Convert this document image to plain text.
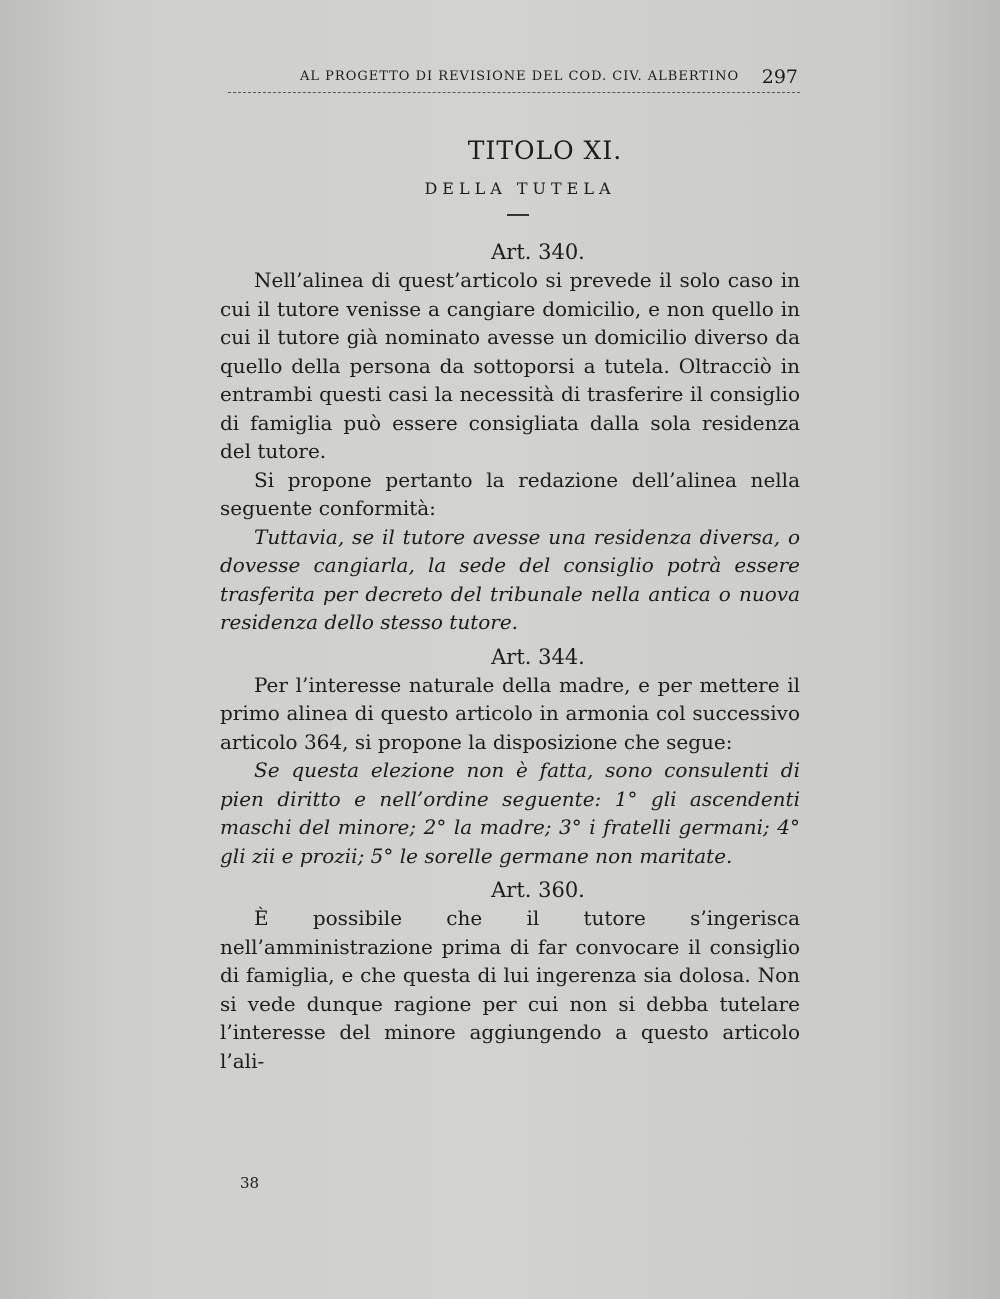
AL PROGETTO DI REVISIONE DEL COD. CIV. ALBERTINO 297
TITOLO XI.
DELLA TUTELA
Art. 340.

Nell’alinea di quest’articolo si prevede il solo caso in cui il tutore venisse a cangiare domicilio, e non quello in cui il tutore già nominato avesse un domicilio diverso da quello della persona da sottoporsi a tutela. Oltracciò in entrambi questi casi la necessità di trasferire il consiglio di famiglia può essere consigliata dalla sola residenza del tutore.

Si propone pertanto la redazione dell’alinea nella seguente conformità:

Tuttavia, se il tutore avesse una residenza diversa, o dovesse cangiarla, la sede del consiglio potrà essere trasferita per decreto del tribunale nella antica o nuova residenza dello stesso tutore.

Art. 344.

Per l’interesse naturale della madre, e per mettere il primo alinea di questo articolo in armonia col successivo articolo 364, si propone la disposizione che segue:

Se questa elezione non è fatta, sono consulenti di pien diritto e nell’ordine seguente: 1° gli ascendenti maschi del minore; 2° la madre; 3° i fratelli germani; 4° gli zii e prozii; 5° le sorelle germane non maritate.

Art. 360.

È possibile che il tutore s’ingerisca nell’amministrazione prima di far convocare il consiglio di famiglia, e che questa di lui ingerenza sia dolosa. Non si vede dunque ragione per cui non si debba tutelare l’interesse del minore aggiungendo a questo articolo l’ali-

38
